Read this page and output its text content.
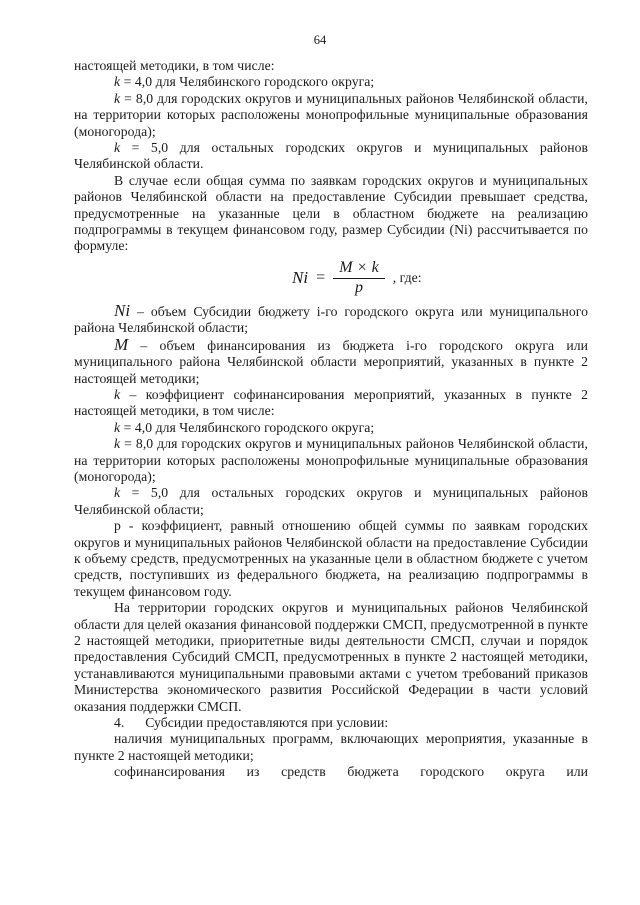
64

настоящей методики, в том числе:

k = 4,0 для Челябинского городского округа;

k = 8,0 для городских округов и муниципальных районов Челябинской области, на территории которых расположены монопрофильные муниципальные образования (моногорода);

k = 5,0 для остальных городских округов и муниципальных районов Челябинской области.

В случае если общая сумма по заявкам городских округов и муниципальных районов Челябинской области на предоставление Субсидии превышает средства, предусмотренные на указанные цели в областном бюджете на реализацию подпрограммы в текущем финансовом году, размер Субсидии (Ni) рассчитывается по формуле:

$Ni = \frac{M \times k}{p}$ , где:

Ni – объем Субсидии бюджету i-го городского округа или муниципального района Челябинской области;

M – объем финансирования из бюджета i-го городского округа или муниципального района Челябинской области мероприятий, указанных в пункте 2 настоящей методики;

k – коэффициент софинансирования мероприятий, указанных в пункте 2 настоящей методики, в том числе:

k = 4,0 для Челябинского городского округа;

k = 8,0 для городских округов и муниципальных районов Челябинской области, на территории которых расположены монопрофильные муниципальные образования (моногорода);

k = 5,0 для остальных городских округов и муниципальных районов Челябинской области;

p - коэффициент, равный отношению общей суммы по заявкам городских округов и муниципальных районов Челябинской области на предоставление Субсидии к объему средств, предусмотренных на указанные цели в областном бюджете с учетом средств, поступивших из федерального бюджета, на реализацию подпрограммы в текущем финансовом году.

На территории городских округов и муниципальных районов Челябинской области для целей оказания финансовой поддержки СМСП, предусмотренной в пункте 2 настоящей методики, приоритетные виды деятельности СМСП, случаи и порядок предоставления Субсидий СМСП, предусмотренных в пункте 2 настоящей методики, устанавливаются муниципальными правовыми актами с учетом требований приказов Министерства экономического развития Российской Федерации в части условий оказания поддержки СМСП.

4. Субсидии предоставляются при условии:

наличия муниципальных программ, включающих мероприятия, указанные в пункте 2 настоящей методики;

софинансирования из средств бюджета городского округа или
